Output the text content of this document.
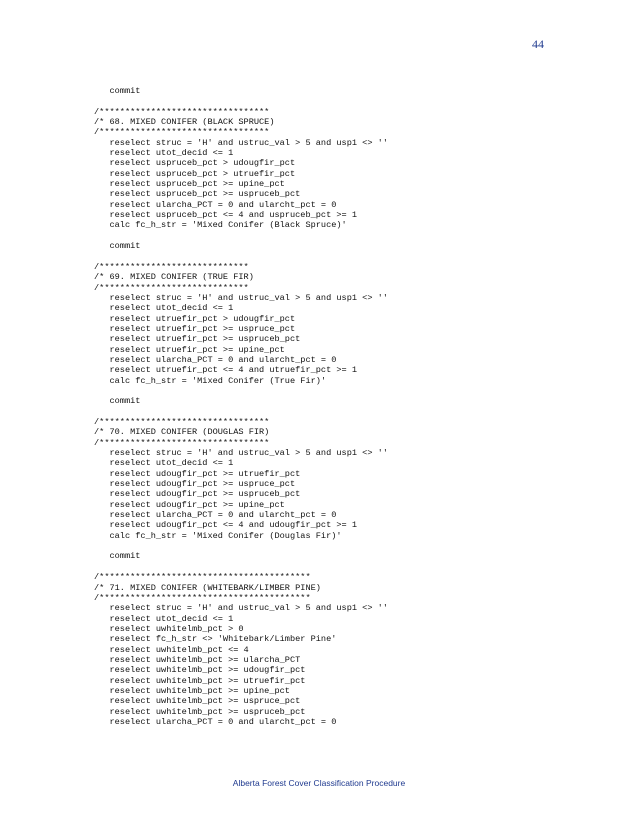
44
commit
/*********************************
/* 68. MIXED CONIFER (BLACK SPRUCE)
/*********************************
reselect struc = 'H' and ustruc_val > 5 and usp1 <> ''
reselect utot_decid <= 1
reselect uspruceb_pct > udougfir_pct
reselect uspruceb_pct > utruefir_pct
reselect uspruceb_pct >= upine_pct
reselect uspruceb_pct >= uspruceb_pct
reselect ularcha_PCT = 0 and ularcht_pct = 0
reselect uspruceb_pct <= 4 and uspruceb_pct >= 1
calc fc_h_str = 'Mixed Conifer (Black Spruce)'
commit
/*****************************
/* 69. MIXED CONIFER (TRUE FIR)
/*****************************
reselect struc = 'H' and ustruc_val > 5 and usp1 <> ''
reselect utot_decid <= 1
reselect utruefir_pct > udougfir_pct
reselect utruefir_pct >= uspruce_pct
reselect utruefir_pct >= uspruceb_pct
reselect utruefir_pct >= upine_pct
reselect ularcha_PCT = 0 and ularcht_pct = 0
reselect utruefir_pct <= 4 and utruefir_pct >= 1
calc fc_h_str = 'Mixed Conifer (True Fir)'
commit
/*********************************
/* 70. MIXED CONIFER (DOUGLAS FIR)
/*********************************
reselect struc = 'H' and ustruc_val > 5 and usp1 <> ''
reselect utot_decid <= 1
reselect udougfir_pct >= utruefir_pct
reselect udougfir_pct >= uspruce_pct
reselect udougfir_pct >= uspruceb_pct
reselect udougfir_pct >= upine_pct
reselect ularcha_PCT = 0 and ularcht_pct = 0
reselect udougfir_pct <= 4 and udougfir_pct >= 1
calc fc_h_str = 'Mixed Conifer (Douglas Fir)'
commit
/*****************************************
/* 71. MIXED CONIFER (WHITEBARK/LIMBER PINE)
/*****************************************
reselect struc = 'H' and ustruc_val > 5 and usp1 <> ''
reselect utot_decid <= 1
reselect uwhitelmb_pct > 0
reselect fc_h_str <> 'Whitebark/Limber Pine'
reselect uwhitelmb_pct <= 4
reselect uwhitelmb_pct >= ularcha_PCT
reselect uwhitelmb_pct >= udougfir_pct
reselect uwhitelmb_pct >= utruefir_pct
reselect uwhitelmb_pct >= upine_pct
reselect uwhitelmb_pct >= uspruce_pct
reselect uwhitelmb_pct >= uspruceb_pct
reselect ularcha_PCT = 0 and ularcht_pct = 0
Alberta Forest Cover Classification Procedure
